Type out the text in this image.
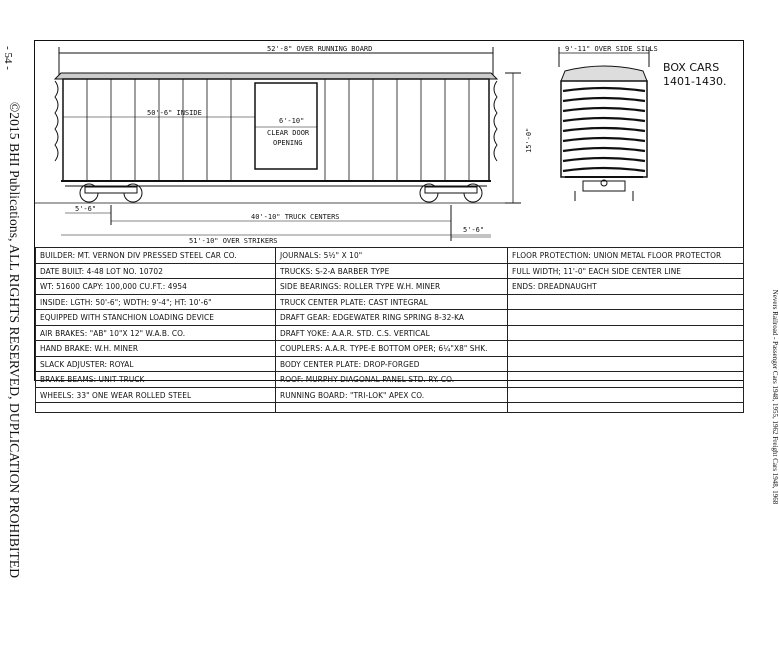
- 54 -
©2015 BHI Publications, ALL RIGHTS RESERVED, DUPLICATION PROHIBITED	Nevers Railroad - Passenger Cars 1948, 1955, 1962 Freight Cars 1948, 1968
52'-8" OVER RUNNING BOARD
50'-6" INSIDE
6'-10"
CLEAR DOOR
OPENING	15'-0"
5'-6"
5'-6"
40'-10" TRUCK CENTERS
51'-10" OVER STRIKERS
9'-11" OVER SIDE SILLS
BOX CARS
1401-1430.
BUILDER: MT. VERNON DIV PRESSED STEEL CAR CO.	JOURNALS: 5½" X 10"	FLOOR PROTECTION: UNION METAL FLOOR PROTECTOR
DATE BUILT: 4-48 LOT NO. 10702	TRUCKS: S-2-A BARBER TYPE	FULL WIDTH; 11'-0" EACH SIDE CENTER LINE
WT: 51600 CAPY: 100,000 CU.FT.: 4954	SIDE BEARINGS: ROLLER TYPE W.H. MINER	ENDS: DREADNAUGHT
INSIDE: LGTH: 50'-6"; WDTH: 9'-4"; HT: 10'-6"	TRUCK CENTER PLATE: CAST INTEGRAL	
EQUIPPED WITH STANCHION LOADING DEVICE	DRAFT GEAR: EDGEWATER RING SPRING 8-32-KA	
AIR BRAKES: "AB" 10"X 12" W.A.B. CO.	DRAFT YOKE: A.A.R. STD. C.S. VERTICAL	
HAND BRAKE: W.H. MINER	COUPLERS: A.A.R. TYPE-E BOTTOM OPER; 6¼"X8" SHK.	
SLACK ADJUSTER: ROYAL	BODY CENTER PLATE: DROP-FORGED	
BRAKE BEAMS: UNIT TRUCK	ROOF: MURPHY DIAGONAL PANEL STD. RY. CO.	
WHEELS: 33" ONE WEAR ROLLED STEEL	RUNNING BOARD: "TRI-LOK" APEX CO.	
